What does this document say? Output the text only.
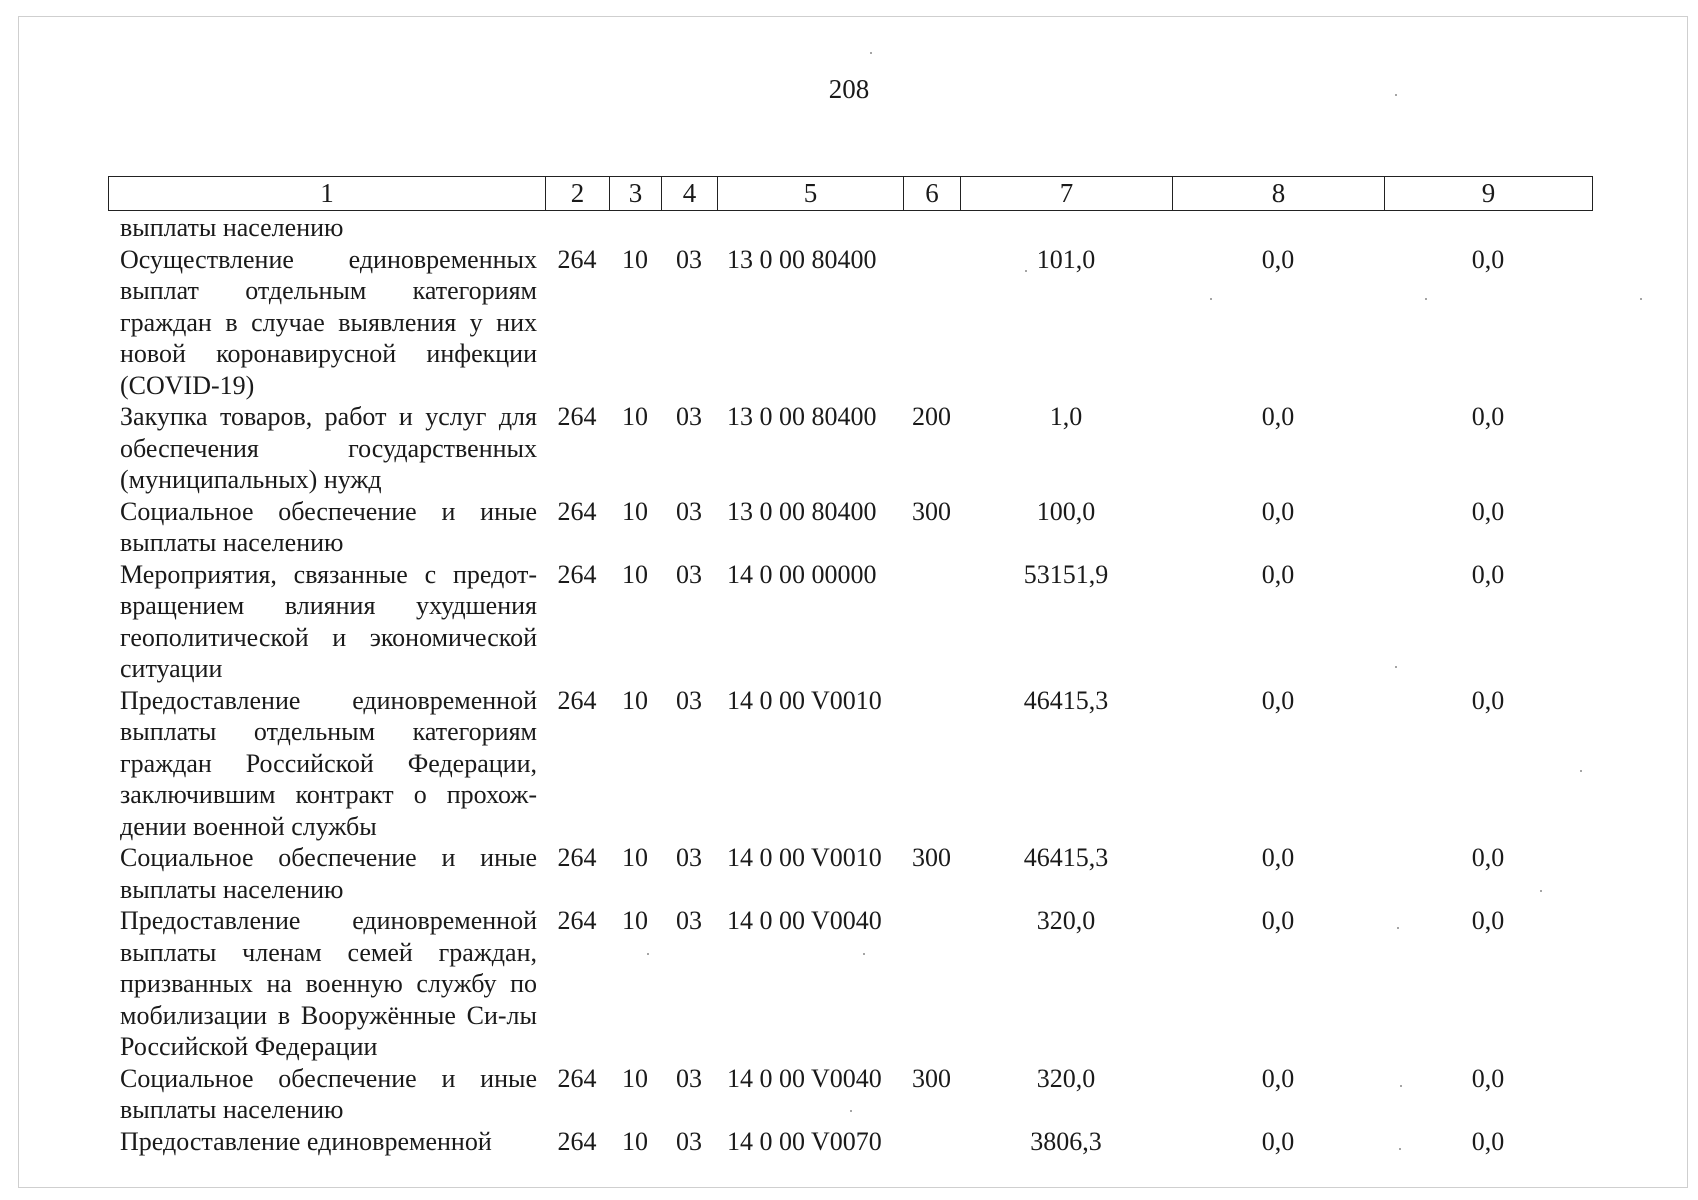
208
1	2	3	4	5	6	7	8	9
выплаты населению								
Осуществление единовременных выплат отдельным категориям граждан в случае выявления у них новой коронавирусной инфекции (COVID-19)	264	10	03	13 0 00 80400		101,0	0,0	0,0
Закупка товаров, работ и услуг для обеспечения государственных (муниципальных) нужд	264	10	03	13 0 00 80400	200	1,0	0,0	0,0
Социальное обеспечение и иные выплаты населению	264	10	03	13 0 00 80400	300	100,0	0,0	0,0
Мероприятия, связанные с предот-вращением влияния ухудшения геополитической и экономической ситуации	264	10	03	14 0 00 00000		53151,9	0,0	0,0
Предоставление единовременной выплаты отдельным категориям граждан Российской Федерации, заключившим контракт о прохож-дении военной службы	264	10	03	14 0 00 V0010		46415,3	0,0	0,0
Социальное обеспечение и иные выплаты населению	264	10	03	14 0 00 V0010	300	46415,3	0,0	0,0
Предоставление единовременной выплаты членам семей граждан, призванных на военную службу по мобилизации в Вооружённые Си-лы Российской Федерации	264	10	03	14 0 00 V0040		320,0	0,0	0,0
Социальное обеспечение и иные выплаты населению	264	10	03	14 0 00 V0040	300	320,0	0,0	0,0
Предоставление единовременной	264	10	03	14 0 00 V0070		3806,3	0,0	0,0
